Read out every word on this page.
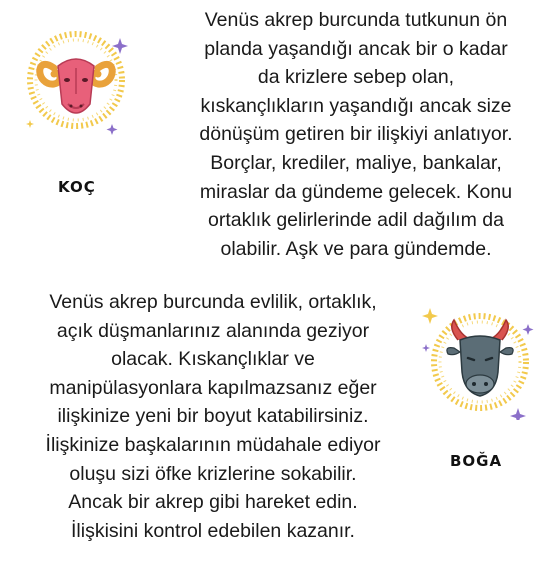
KOÇ
Venüs akrep burcunda tutkunun ön
planda yaşandığı ancak bir o kadar
da krizlere sebep olan,
kıskançlıkların yaşandığı ancak size
dönüşüm getiren bir ilişkiyi anlatıyor.
Borçlar, krediler, maliye, bankalar,
miraslar da gündeme gelecek. Konu
ortaklık gelirlerinde adil dağılım da
olabilir. Aşk ve para gündemde.
Venüs akrep burcunda evlilik, ortaklık,
açık düşmanlarınız alanında geziyor
olacak. Kıskançlıklar ve
manipülasyonlara kapılmazsanız eğer
ilişkinize yeni bir boyut katabilirsiniz.
İlişkinize başkalarının müdahale ediyor
oluşu sizi öfke krizlerine sokabilir.
Ancak bir akrep gibi hareket edin.
İlişkisini kontrol edebilen kazanır.
BOĞA
